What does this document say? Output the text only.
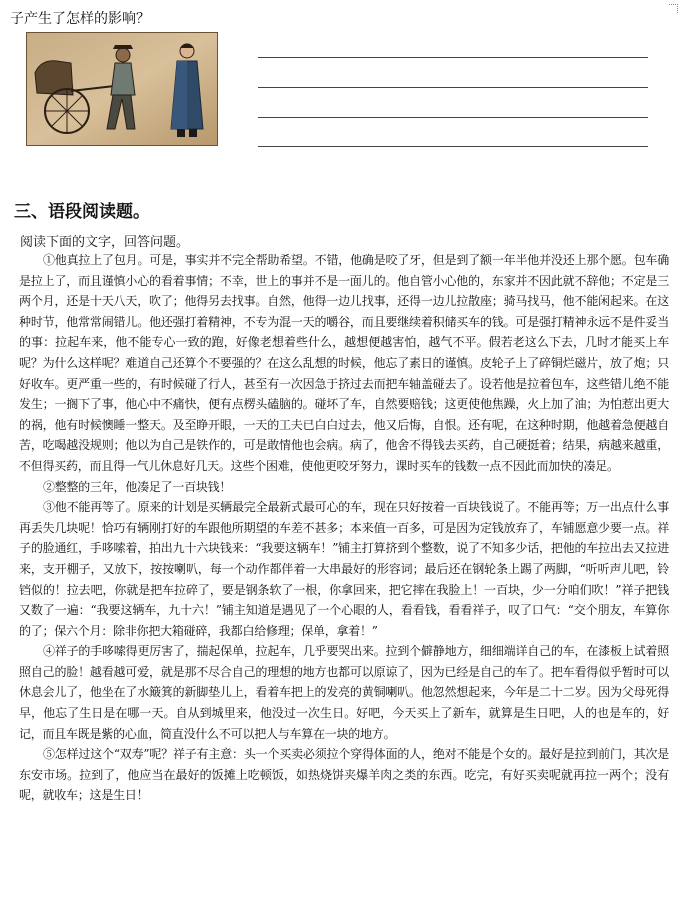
子产生了怎样的影响？
三、语段阅读题。
阅读下面的文字，回答问题。

①他真拉上了包月。可是，事实并不完全帮助希望。不错，他确是咬了牙，但是到了额一年半他并没还上那个愿。包车确是拉上了，而且谨慎小心的看着事情；不幸，世上的事并不是一面儿的。他自管小心他的，东家并不因此就不辞他；不定是三两个月，还是十天八天，吹了；他得另去找事。自然，他得一边儿找事，还得一边儿拉散座；骑马找马，他不能闲起来。在这种时节，他常常闹错儿。他还强打着精神，不专为混一天的嚼谷，而且要继续着积储买车的钱。可是强打精神永远不是件妥当的事：拉起车来，他不能专心一致的跑，好像老想着些什么，越想便越害怕，越气不平。假若老这么下去，几时才能买上车呢？为什么这样呢？难道自己还算个不要强的？在这么乱想的时候，他忘了素日的谨慎。皮轮子上了碎铜烂磁片，放了炮；只好收车。更严重一些的，有时候碰了行人，甚至有一次因急于挤过去而把车轴盖碰去了。设若他是拉着包车，这些错儿绝不能发生；一搁下了事，他心中不痛快，便有点楞头磕脑的。碰坏了车，自然要赔钱；这更使他焦躁，火上加了油；为怕惹出更大的祸，他有时候懊睡一整天。及至睁开眼，一天的工夫已白白过去，他又后悔，自恨。还有呢，在这种时期，他越着急便越自苦，吃喝越没规则；他以为自己是铁作的，可是敢情他也会病。病了，他舍不得钱去买药，自己硬挺着；结果，病越来越重，不但得买药，而且得一气儿休息好几天。这些个困难，使他更咬牙努力，课时买车的钱数一点不因此而加快的凑足。

②整整的三年，他凑足了一百块钱！

③他不能再等了。原来的计划是买辆最完全最新式最可心的车，现在只好按着一百块钱说了。不能再等；万一出点什么事再丢失几块呢！恰巧有辆刚打好的车跟他所期望的车差不甚多；本来值一百多，可是因为定钱放弃了，车铺愿意少要一点。祥子的脸通红，手哆嗦着，拍出九十六块钱来：“我要这辆车！”铺主打算挤到个整数，说了不知多少话，把他的车拉出去又拉进来，支开棚子，又放下，按按喇叭，每一个动作都伴着一大串最好的形容词；最后还在钢轮条上踢了两脚，“听听声儿吧，铃铛似的！拉去吧，你就是把车拉碎了，要是钢条软了一根，你拿回来，把它摔在我脸上！一百块，少一分咱们吹！”祥子把钱又数了一遍：“我要这辆车，九十六！”铺主知道是遇见了一个心眼的人，看看钱，看看祥子，叹了口气：“交个朋友，车算你的了；保六个月：除非你把大箱碰碎，我都白给修理；保单，拿着！”

④祥子的手哆嗦得更厉害了，揣起保单，拉起车，几乎要哭出来。拉到个僻静地方，细细端详自己的车，在漆板上试着照照自己的脸！越看越可爱，就是那不尽合自己的理想的地方也都可以原谅了，因为已经是自己的车了。把车看得似乎暂时可以休息会儿了，他坐在了水簸箕的新脚垫儿上，看着车把上的发亮的黄铜喇叭。他忽然想起来，今年是二十二岁。因为父母死得早，他忘了生日是在哪一天。自从到城里来，他没过一次生日。好吧，今天买上了新车，就算是生日吧，人的也是车的，好记，而且车既是紫的心血，简直没什么不可以把人与车算在一块的地方。

⑤怎样过这个“双寿”呢？祥子有主意：头一个买卖必须拉个穿得体面的人，绝对不能是个女的。最好是拉到前门，其次是东安市场。拉到了，他应当在最好的饭摊上吃顿饭，如热烧饼夹爆羊肉之类的东西。吃完，有好买卖呢就再拉一两个；没有呢，就收车；这是生日！
